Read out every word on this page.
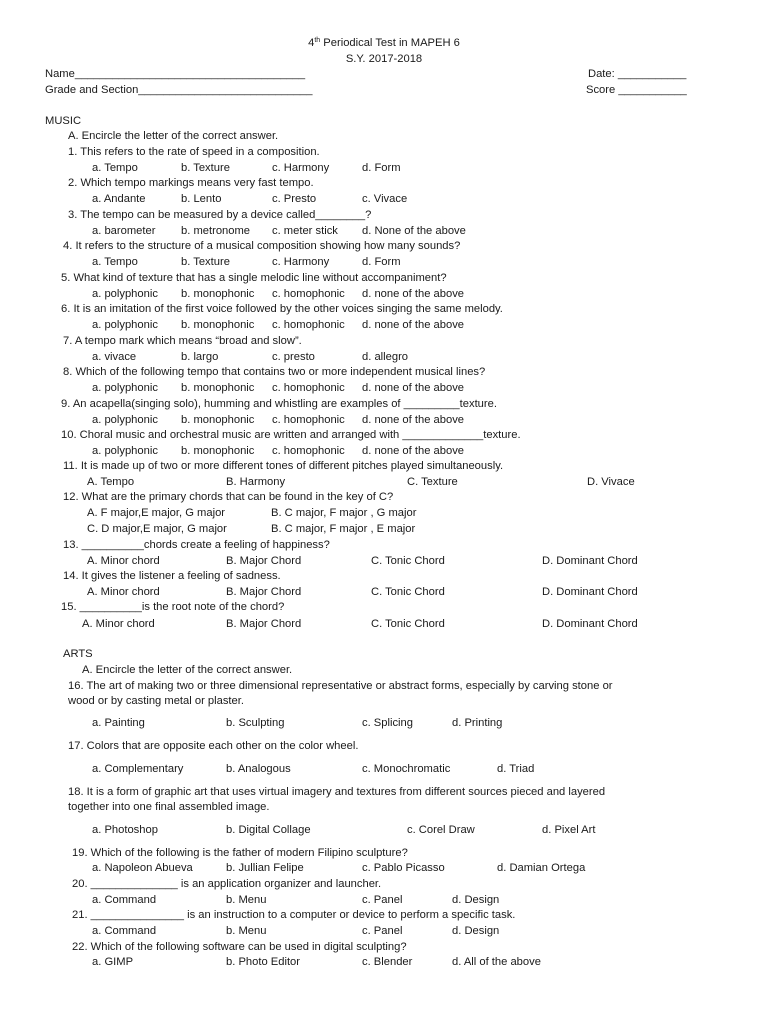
4th Periodical Test in MAPEH 6
S.Y. 2017-2018
Name_____________________________________	Date: ___________
Grade and Section____________________________	Score ___________
MUSIC
A. Encircle the letter of the correct answer.
1. This refers to the rate of speed in a composition.
a. Tempo	b. Texture	c. Harmony	d. Form
2. Which tempo markings means very fast tempo.
a. Andante	b. Lento	c. Presto	c. Vivace
3. The tempo can be measured by a device called________?
a. barometer b. metronome c. meter stick d. None of the above
4. It refers to the structure of a musical composition showing how many sounds?
a. Tempo	b. Texture	c. Harmony	d. Form
5. What kind of texture that has a single melodic line without accompaniment?
a. polyphonic b. monophonic c. homophonic d. none of the above
6. It is an imitation of the first voice followed by the other voices singing the same melody.
a. polyphonic b. monophonic c. homophonic d. none of the above
7. A tempo mark which means “broad and slow”.
a. vivace	b. largo	c. presto	d. allegro
8. Which of the following tempo that contains two or more independent musical lines?
a. polyphonic b. monophonic c. homophonic d. none of the above
9. An acapella(singing solo), humming and whistling are examples of _________texture.
a. polyphonic b. monophonic c. homophonic d. none of the above
10. Choral music and orchestral music are written and arranged with _____________texture.
a. polyphonic b. monophonic c. homophonic d. none of the above
11. It is made up of two or more different tones of different pitches played simultaneously.
A. Tempo	B. Harmony	C. Texture	D. Vivace
12. What are the primary chords that can be found in the key of C?
A. F major,E major, G major	B. C major, F major , G major
C. D major,E major, G major	B. C major, F major , E major
13. __________chords create a feeling of happiness?
A. Minor chord	B. Major Chord	C. Tonic Chord	D. Dominant Chord
14. It gives the listener a feeling of sadness.
A. Minor chord	B. Major Chord	C. Tonic Chord	D. Dominant Chord
15. __________is the root note of the chord?
A. Minor chord	B. Major Chord	C. Tonic Chord	D. Dominant Chord
ARTS
A. Encircle the letter of the correct answer.
16. The art of making two or three dimensional representative or abstract forms, especially by carving stone or
wood or by casting metal or plaster.
a. Painting	b. Sculpting	c. Splicing	d. Printing
17. Colors that are opposite each other on the color wheel.
a. Complementary	b. Analogous	c. Monochromatic	d. Triad
18. It is a form of graphic art that uses virtual imagery and textures from different sources pieced and layered
together into one final assembled image.
a. Photoshop	b. Digital Collage	c. Corel Draw	d. Pixel Art
19. Which of the following is the father of modern Filipino sculpture?
a. Napoleon Abueva	b. Jullian Felipe	c. Pablo Picasso	d. Damian Ortega
20. ______________ is an application organizer and launcher.
a. Command	b. Menu	c. Panel	d. Design
21. _______________ is an instruction to a computer or device to perform a specific task.
a. Command	b. Menu	c. Panel	d. Design
22. Which of the following software can be used in digital sculpting?
a. GIMP	b. Photo Editor	c. Blender	d. All of the above
